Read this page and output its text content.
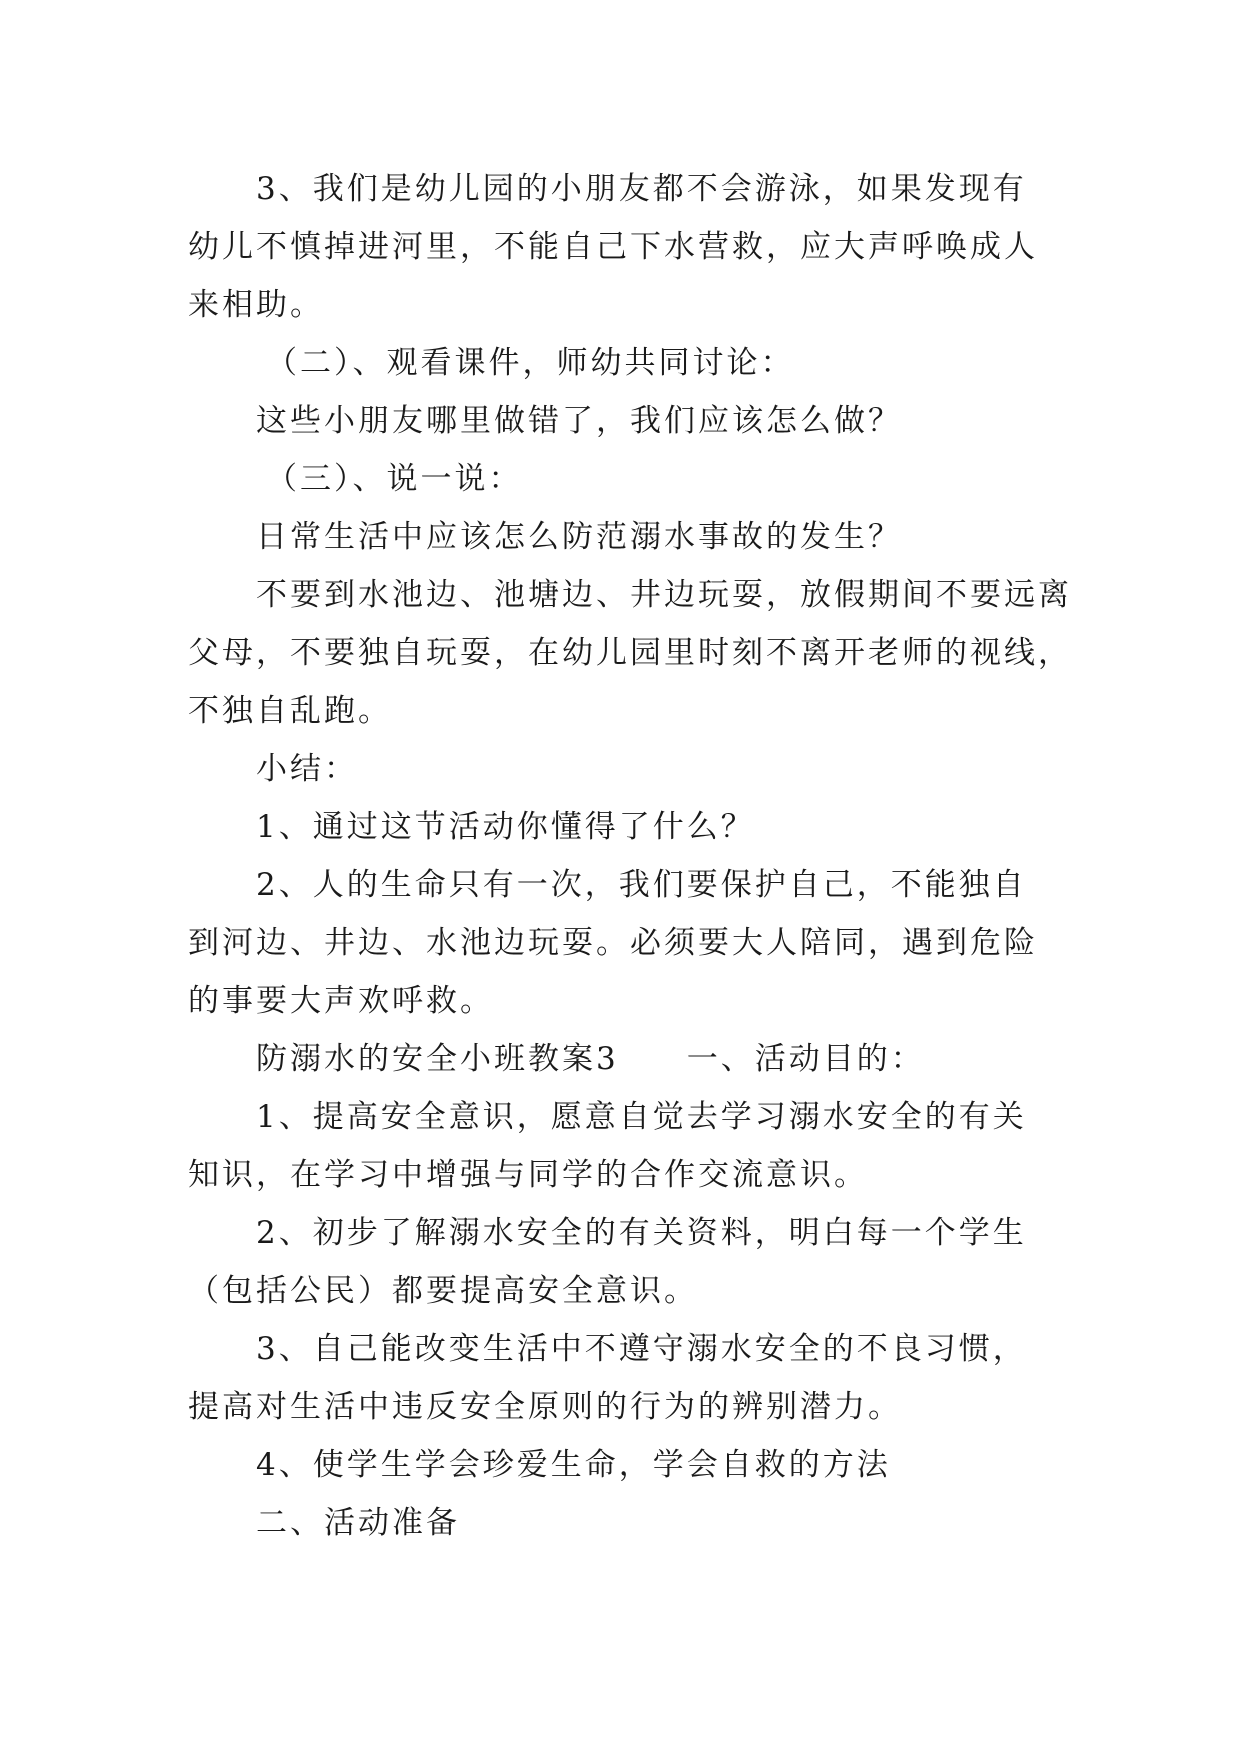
3、我们是幼儿园的小朋友都不会游泳，如果发现有幼儿不慎掉进河里，不能自己下水营救，应大声呼唤成人来相助。

（二）、观看课件，师幼共同讨论：

这些小朋友哪里做错了，我们应该怎么做？

（三）、说一说：

日常生活中应该怎么防范溺水事故的发生？

不要到水池边、池塘边、井边玩耍，放假期间不要远离父母，不要独自玩耍，在幼儿园里时刻不离开老师的视线，不独自乱跑。

小结：

1、通过这节活动你懂得了什么？

2、人的生命只有一次，我们要保护自己，不能独自到河边、井边、水池边玩耍。必须要大人陪同，遇到危险的事要大声欢呼救。

防溺水的安全小班教案3　　一、活动目的：

1、提高安全意识，愿意自觉去学习溺水安全的有关知识，在学习中增强与同学的合作交流意识。

2、初步了解溺水安全的有关资料，明白每一个学生（包括公民）都要提高安全意识。

3、自己能改变生活中不遵守溺水安全的不良习惯，提高对生活中违反安全原则的行为的辨别潜力。

4、使学生学会珍爱生命，学会自救的方法

二、活动准备
